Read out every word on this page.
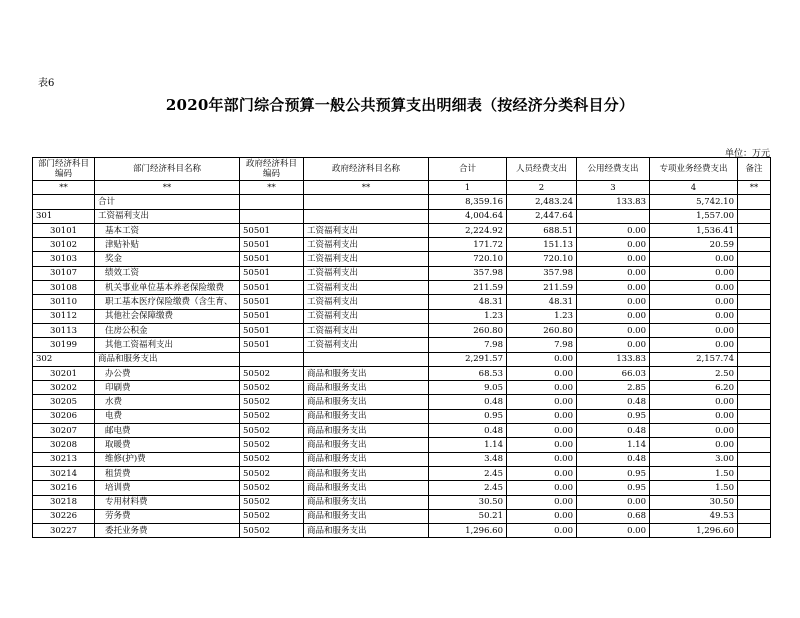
表6
2020年部门综合预算一般公共预算支出明细表（按经济分类科目分）
单位：万元
部门经济科目编码	部门经济科目名称	政府经济科目编码	政府经济科目名称	合计	人员经费支出	公用经费支出	专项业务经费支出	备注
**	**	**	**	1	2	3	4	**
	合计			8,359.16	2,483.24	133.83	5,742.10	
301	工资福利支出			4,004.64	2,447.64		1,557.00	
30101	基本工资	50501	工资福利支出	2,224.92	688.51	0.00	1,536.41	
30102	津贴补贴	50501	工资福利支出	171.72	151.13	0.00	20.59	
30103	奖金	50501	工资福利支出	720.10	720.10	0.00	0.00	
30107	绩效工资	50501	工资福利支出	357.98	357.98	0.00	0.00	
30108	机关事业单位基本养老保险缴费	50501	工资福利支出	211.59	211.59	0.00	0.00	
30110	职工基本医疗保险缴费（含生育、	50501	工资福利支出	48.31	48.31	0.00	0.00	
30112	其他社会保障缴费	50501	工资福利支出	1.23	1.23	0.00	0.00	
30113	住房公积金	50501	工资福利支出	260.80	260.80	0.00	0.00	
30199	其他工资福利支出	50501	工资福利支出	7.98	7.98	0.00	0.00	
302	商品和服务支出			2,291.57	0.00	133.83	2,157.74	
30201	办公费	50502	商品和服务支出	68.53	0.00	66.03	2.50	
30202	印刷费	50502	商品和服务支出	9.05	0.00	2.85	6.20	
30205	水费	50502	商品和服务支出	0.48	0.00	0.48	0.00	
30206	电费	50502	商品和服务支出	0.95	0.00	0.95	0.00	
30207	邮电费	50502	商品和服务支出	0.48	0.00	0.48	0.00	
30208	取暖费	50502	商品和服务支出	1.14	0.00	1.14	0.00	
30213	维修(护)费	50502	商品和服务支出	3.48	0.00	0.48	3.00	
30214	租赁费	50502	商品和服务支出	2.45	0.00	0.95	1.50	
30216	培训费	50502	商品和服务支出	2.45	0.00	0.95	1.50	
30218	专用材料费	50502	商品和服务支出	30.50	0.00	0.00	30.50	
30226	劳务费	50502	商品和服务支出	50.21	0.00	0.68	49.53	
30227	委托业务费	50502	商品和服务支出	1,296.60	0.00	0.00	1,296.60	
